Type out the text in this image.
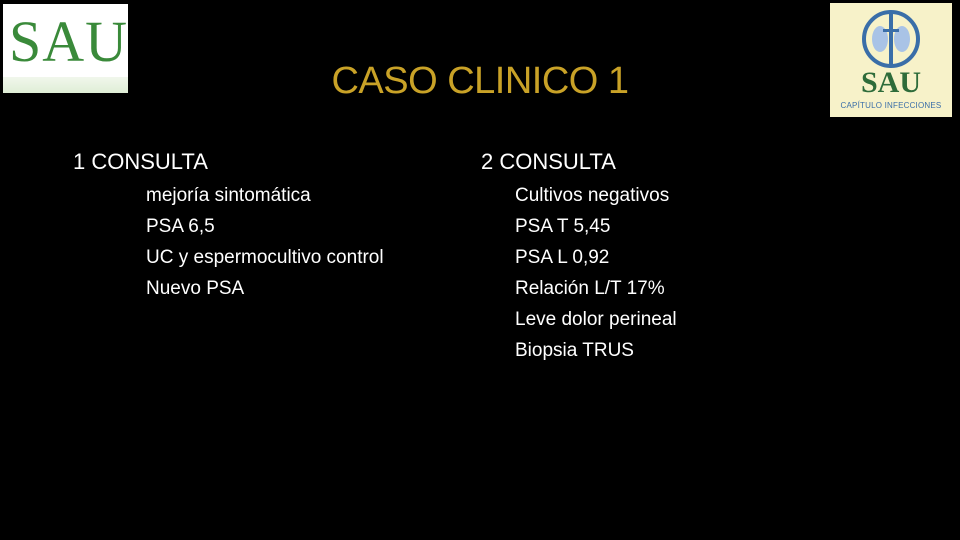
SAU
SAU
CAPÍTULO INFECCIONES
CASO CLINICO 1
1 CONSULTA
mejoría sintomática
PSA 6,5
UC y espermocultivo control
Nuevo PSA
2 CONSULTA
Cultivos negativos
PSA T 5,45
PSA L 0,92
Relación L/T 17%
Leve dolor perineal
Biopsia TRUS
